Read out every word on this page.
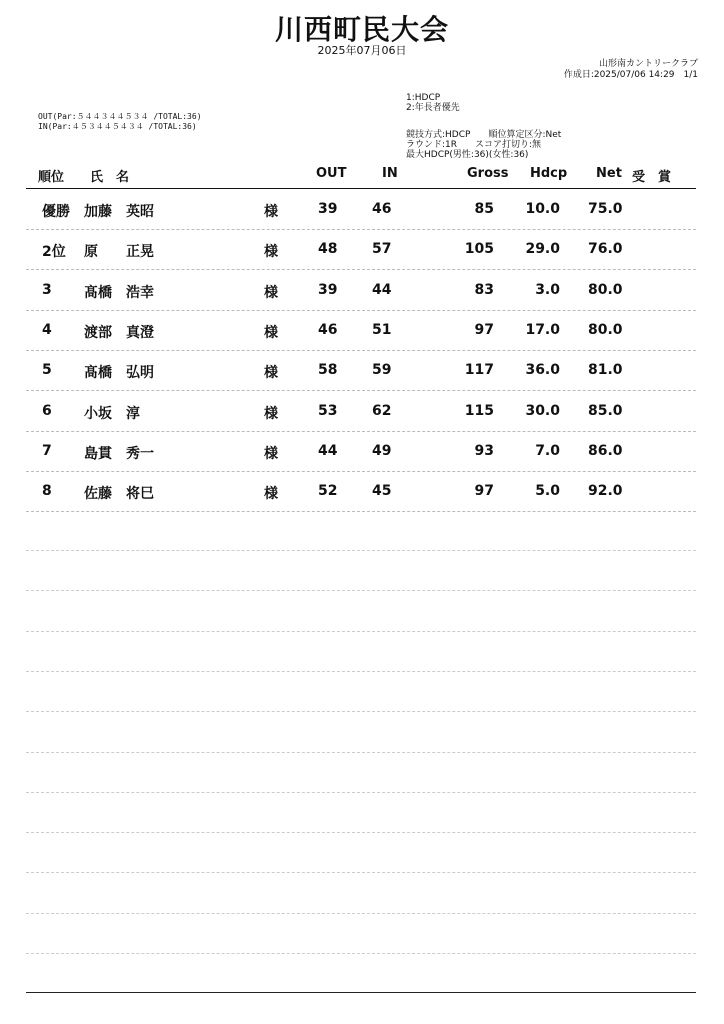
川西町民大会
2025年07月06日
山形南カントリークラブ
作成日:2025/07/06 14:29　1/1
1:HDCP
2:年長者優先
OUT(Par:５４４３４４５３４ /TOTAL:36)
IN(Par:４５３４４５４３４ /TOTAL:36)
競技方式:HDCP　　順位算定区分:Net
ラウンド:1R　　スコア打切り:無
最大HDCP(男性:36)(女性:36)
順位 氏　名	OUT	IN	Gross Hdcp Net 受　賞
優勝 加藤 英昭	様	39 46	85 10.0 75.0
2位 原 正晃	様	48 57	105 29.0 76.0
3 髙橋 浩幸	様	39 44	83	3.0 80.0
4 渡部 真澄	様	46 51	97 17.0 80.0
5 髙橋 弘明	様	58 59	117 36.0 81.0
6 小坂 淳	様	53 62	115 30.0 85.0
7 島貫 秀一	様	44 49	93	7.0 86.0
8 佐藤 将巳	様	52 45	97	5.0 92.0
